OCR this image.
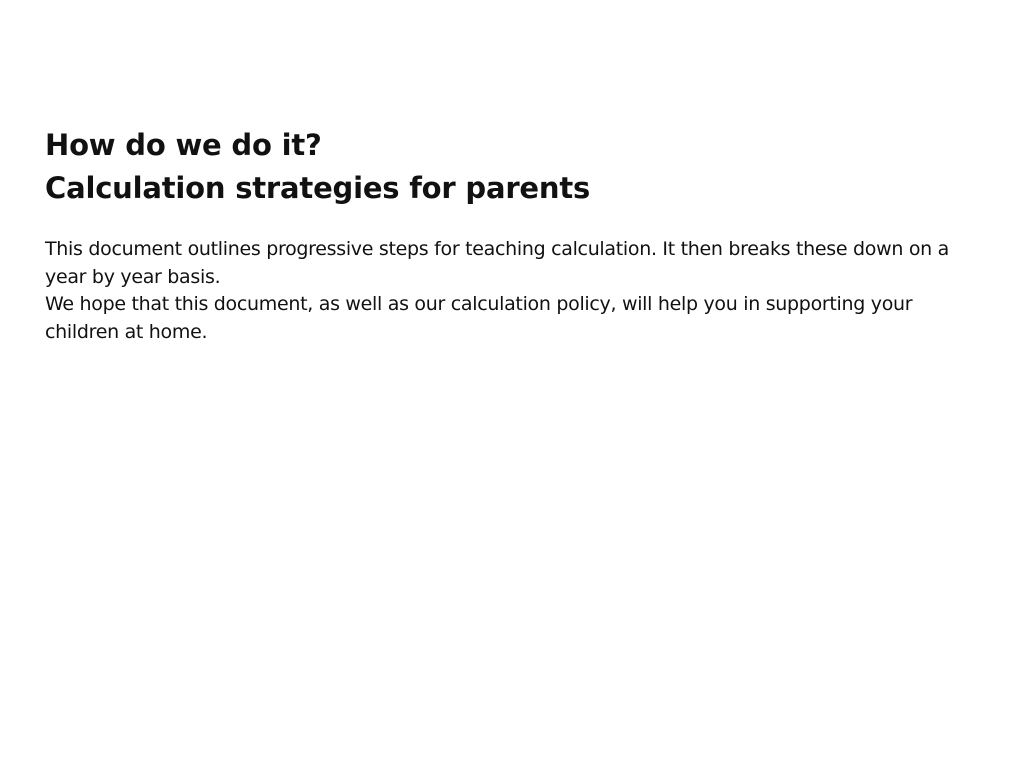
How do we do it?
Calculation strategies for parents

This document outlines progressive steps for teaching calculation. It then breaks these down on a year by year basis.

We hope that this document, as well as our calculation policy, will help you in supporting your children at home.
